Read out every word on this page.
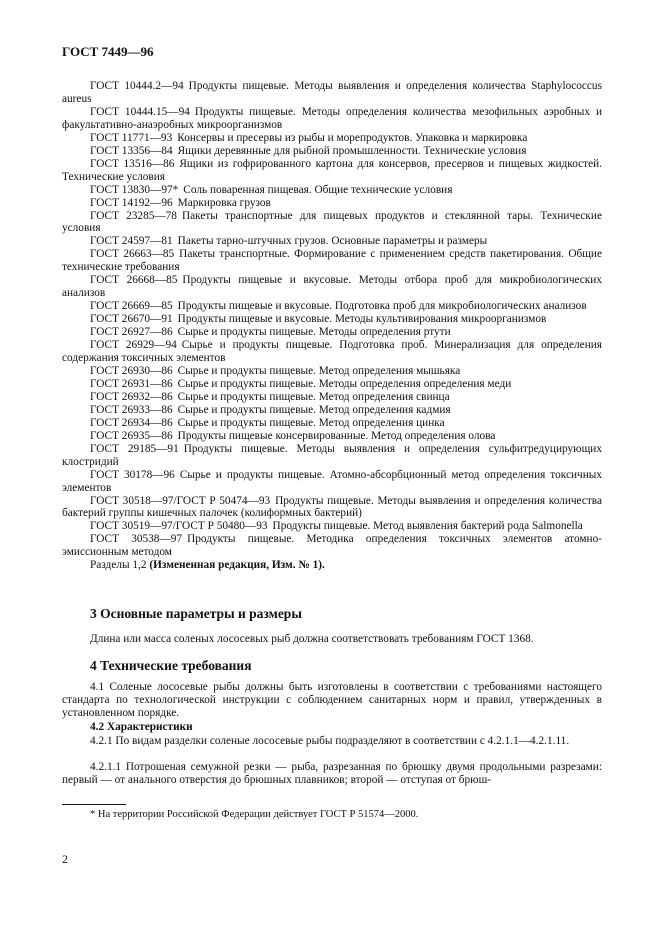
ГОСТ 7449—96
ГОСТ 10444.2—94 Продукты пищевые. Методы выявления и определения количества Staphylococcus aureus
ГОСТ 10444.15—94 Продукты пищевые. Методы определения количества мезофильных аэробных и факультативно-анаэробных микроорганизмов
ГОСТ 11771—93 Консервы и пресервы из рыбы и морепродуктов. Упаковка и маркировка
ГОСТ 13356—84 Ящики деревянные для рыбной промышленности. Технические условия
ГОСТ 13516—86 Ящики из гофрированного картона для консервов, пресервов и пищевых жидкостей. Технические условия
ГОСТ 13830—97* Соль поваренная пищевая. Общие технические условия
ГОСТ 14192—96 Маркировка грузов
ГОСТ 23285—78 Пакеты транспортные для пищевых продуктов и стеклянной тары. Технические условия
ГОСТ 24597—81 Пакеты тарно-штучных грузов. Основные параметры и размеры
ГОСТ 26663—85 Пакеты транспортные. Формирование с применением средств пакетирования. Общие технические требования
ГОСТ 26668—85 Продукты пищевые и вкусовые. Методы отбора проб для микробиологических анализов
ГОСТ 26669—85 Продукты пищевые и вкусовые. Подготовка проб для микробиологических анализов
ГОСТ 26670—91 Продукты пищевые и вкусовые. Методы культивирования микроорганизмов
ГОСТ 26927—86 Сырье и продукты пищевые. Методы определения ртути
ГОСТ 26929—94 Сырье и продукты пищевые. Подготовка проб. Минерализация для определения содержания токсичных элементов
ГОСТ 26930—86 Сырье и продукты пищевые. Метод определения мышьяка
ГОСТ 26931—86 Сырье и продукты пищевые. Методы определения определения меди
ГОСТ 26932—86 Сырье и продукты пищевые. Метод определения свинца
ГОСТ 26933—86 Сырье и продукты пищевые. Метод определения кадмия
ГОСТ 26934—86 Сырье и продукты пищевые. Метод определения цинка
ГОСТ 26935—86 Продукты пищевые консервированные. Метод определения олова
ГОСТ 29185—91 Продукты пищевые. Методы выявления и определения сульфитредуцирующих клостридий
ГОСТ 30178—96 Сырье и продукты пищевые. Атомно-абсорбционный метод определения токсичных элементов
ГОСТ 30518—97/ГОСТ Р 50474—93 Продукты пищевые. Методы выявления и определения количества бактерий группы кишечных палочек (колиформных бактерий)
ГОСТ 30519—97/ГОСТ Р 50480—93 Продукты пищевые. Метод выявления бактерий рода Salmonella
ГОСТ 30538—97 Продукты пищевые. Методика определения токсичных элементов атомно-эмиссионным методом
Разделы 1,2 (Измененная редакция, Изм. № 1).
3 Основные параметры и размеры
Длина или масса соленых лососевых рыб должна соответствовать требованиям ГОСТ 1368.
4 Технические требования
4.1 Соленые лососевые рыбы должны быть изготовлены в соответствии с требованиями настоящего стандарта по технологической инструкции с соблюдением санитарных норм и правил, утвержденных в установленном порядке.
4.2 Характеристики
4.2.1 По видам разделки соленые лососевые рыбы подразделяют в соответствии с 4.2.1.1—4.2.1.11.
4.2.1.1 Потрошеная семужной резки — рыба, разрезанная по брюшку двумя продольными разрезами: первый — от анального отверстия до брюшных плавников; второй — отступая от брюш-
* На территории Российской Федерации действует ГОСТ Р 51574—2000.
2
